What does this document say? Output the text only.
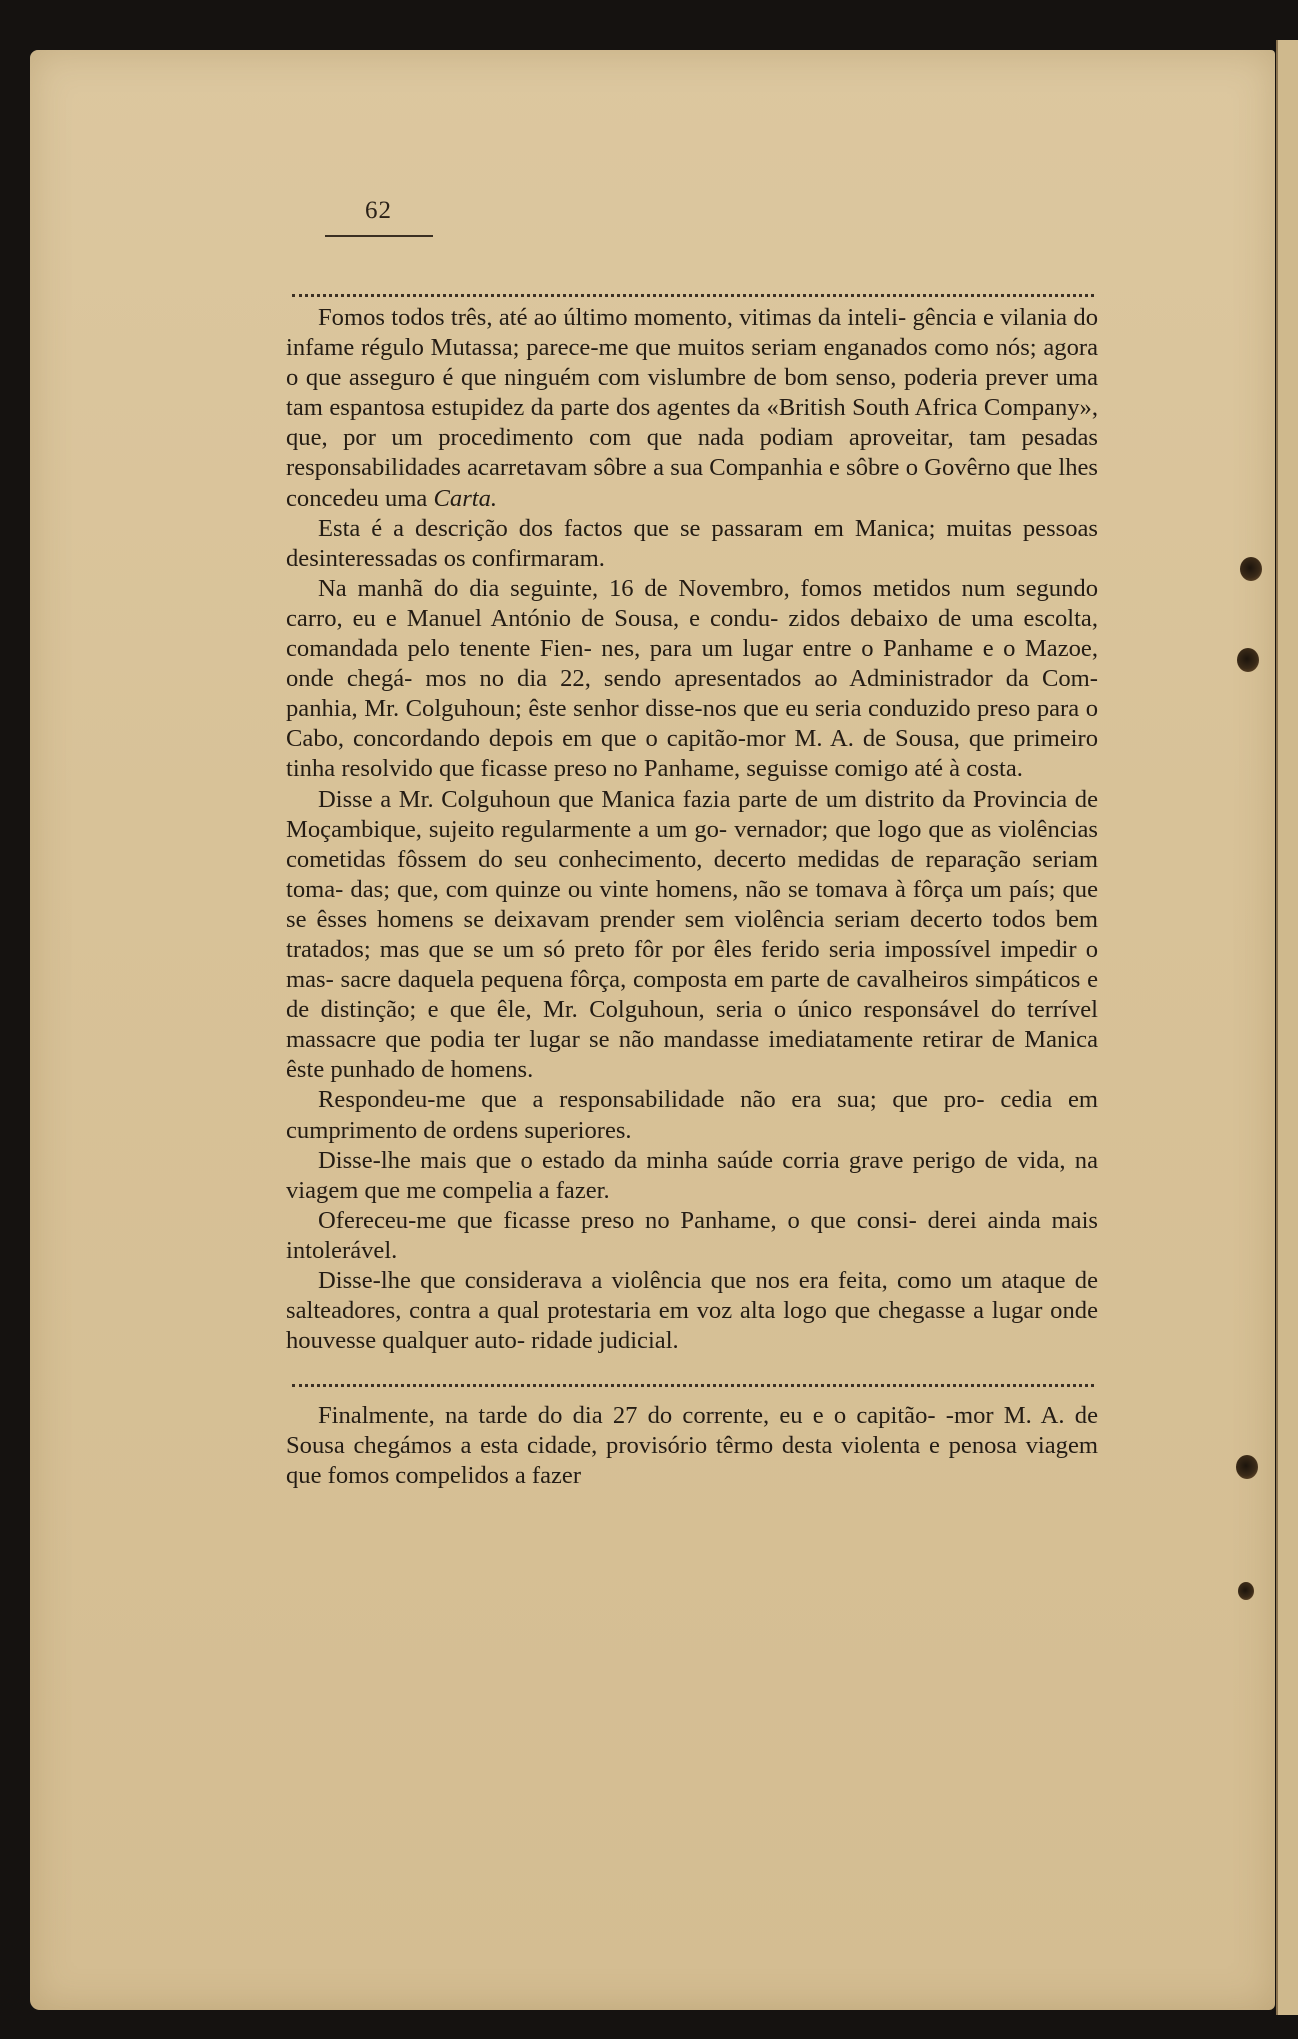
62

Fomos todos três, até ao último momento, vitimas da inteli- gência e vilania do infame régulo Mutassa; parece-me que muitos seriam enganados como nós; agora o que asseguro é que ninguém com vislumbre de bom senso, poderia prever uma tam espantosa estupidez da parte dos agentes da «British South Africa Company», que, por um procedimento com que nada podiam aproveitar, tam pesadas responsabilidades acarretavam sôbre a sua Companhia e sôbre o Govêrno que lhes concedeu uma Carta.

Esta é a descrição dos factos que se passaram em Manica; muitas pessoas desinteressadas os confirmaram.

Na manhã do dia seguinte, 16 de Novembro, fomos metidos num segundo carro, eu e Manuel António de Sousa, e condu- zidos debaixo de uma escolta, comandada pelo tenente Fien- nes, para um lugar entre o Panhame e o Mazoe, onde chegá- mos no dia 22, sendo apresentados ao Administrador da Com- panhia, Mr. Colguhoun; êste senhor disse-nos que eu seria conduzido preso para o Cabo, concordando depois em que o capitão-mor M. A. de Sousa, que primeiro tinha resolvido que ficasse preso no Panhame, seguisse comigo até à costa.

Disse a Mr. Colguhoun que Manica fazia parte de um distrito da Provincia de Moçambique, sujeito regularmente a um go- vernador; que logo que as violências cometidas fôssem do seu conhecimento, decerto medidas de reparação seriam toma- das; que, com quinze ou vinte homens, não se tomava à fôrça um país; que se êsses homens se deixavam prender sem violência seriam decerto todos bem tratados; mas que se um só preto fôr por êles ferido seria impossível impedir o mas- sacre daquela pequena fôrça, composta em parte de cavalheiros simpáticos e de distinção; e que êle, Mr. Colguhoun, seria o único responsável do terrível massacre que podia ter lugar se não mandasse imediatamente retirar de Manica êste punhado de homens.

Respondeu-me que a responsabilidade não era sua; que pro- cedia em cumprimento de ordens superiores.

Disse-lhe mais que o estado da minha saúde corria grave perigo de vida, na viagem que me compelia a fazer.

Ofereceu-me que ficasse preso no Panhame, o que consi- derei ainda mais intolerável.

Disse-lhe que considerava a violência que nos era feita, como um ataque de salteadores, contra a qual protestaria em voz alta logo que chegasse a lugar onde houvesse qualquer auto- ridade judicial.

Finalmente, na tarde do dia 27 do corrente, eu e o capitão- -mor M. A. de Sousa chegámos a esta cidade, provisório têrmo desta violenta e penosa viagem que fomos compelidos a fazer
